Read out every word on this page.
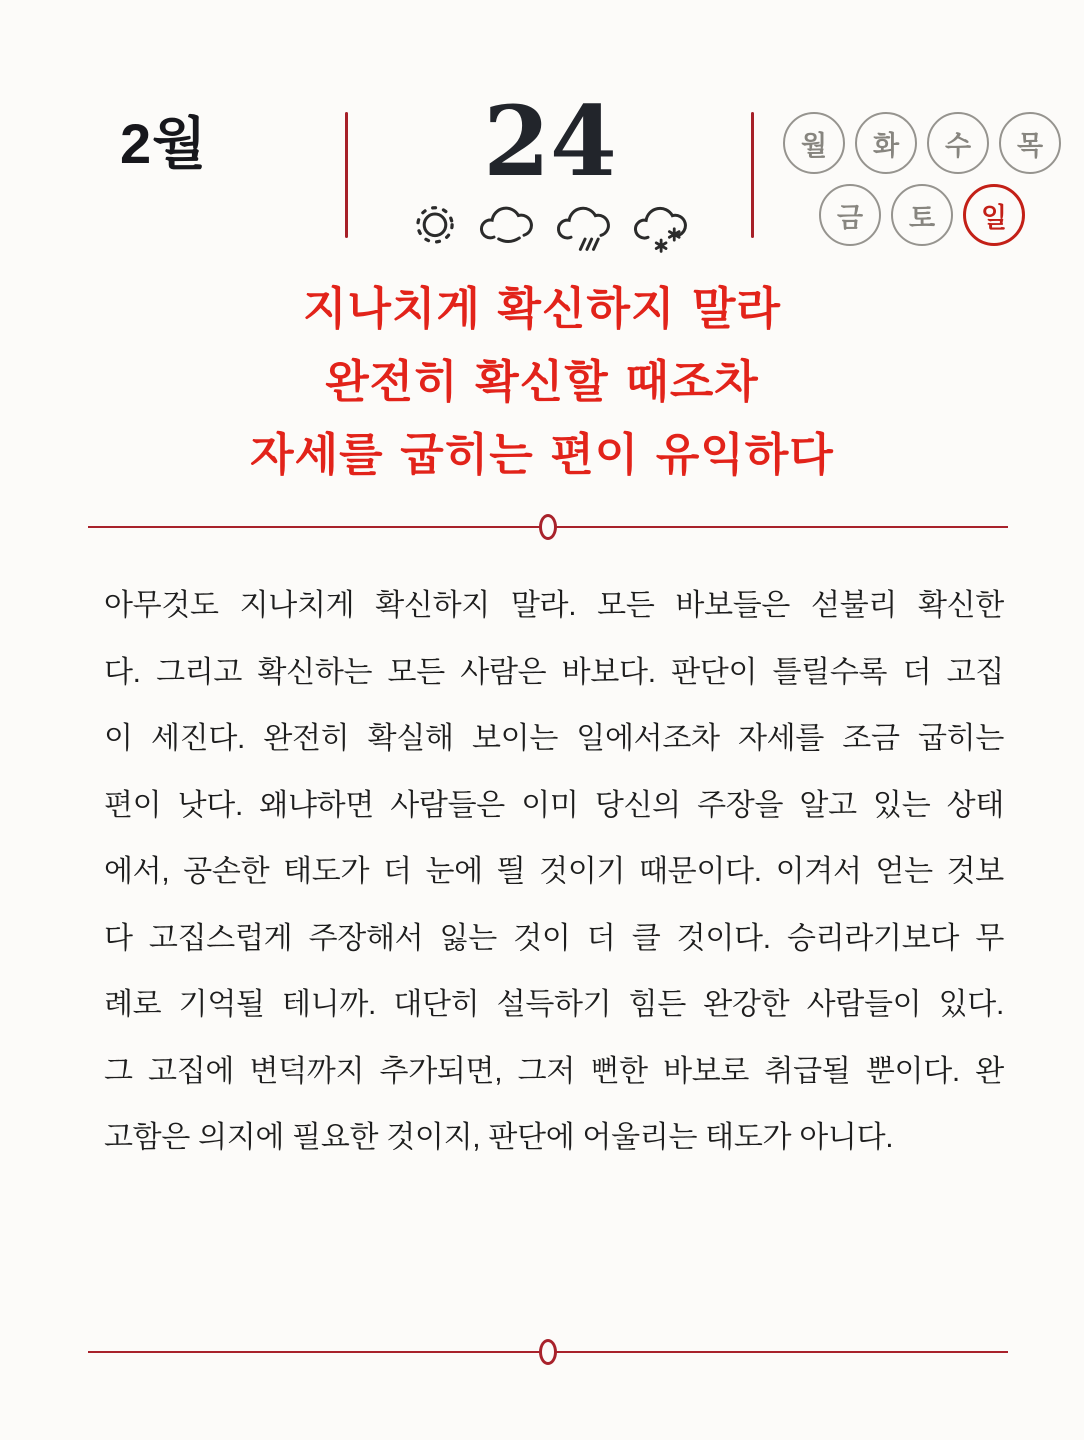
2월	24	월	화	수	목
금	토	일
지나치게 확신하지 말라
완전히 확신할 때조차
자세를 굽히는 편이 유익하다
아무것도 지나치게 확신하지 말라. 모든 바보들은 섣불리 확신한
다. 그리고 확신하는 모든 사람은 바보다. 판단이 틀릴수록 더 고집
이 세진다. 완전히 확실해 보이는 일에서조차 자세를 조금 굽히는
편이 낫다. 왜냐하면 사람들은 이미 당신의 주장을 알고 있는 상태
에서, 공손한 태도가 더 눈에 띌 것이기 때문이다. 이겨서 얻는 것보
다 고집스럽게 주장해서 잃는 것이 더 클 것이다. 승리라기보다 무
례로 기억될 테니까. 대단히 설득하기 힘든 완강한 사람들이 있다.
그 고집에 변덕까지 추가되면, 그저 뻔한 바보로 취급될 뿐이다. 완
고함은 의지에 필요한 것이지, 판단에 어울리는 태도가 아니다.
